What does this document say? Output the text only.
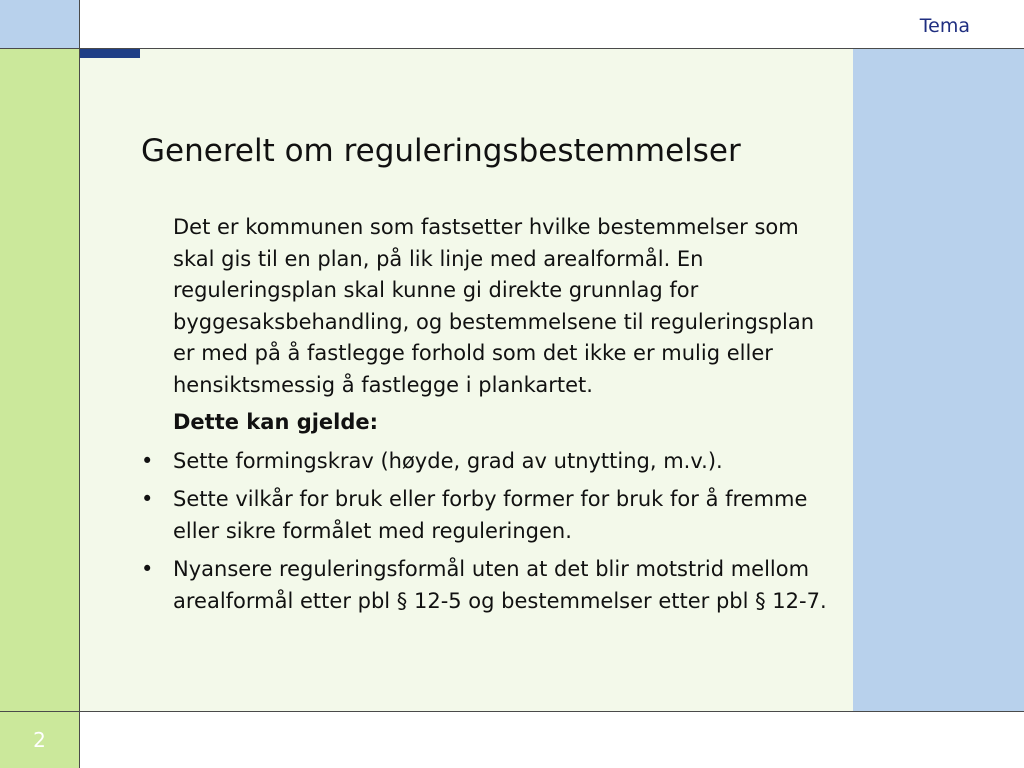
Tema
2
Generelt om reguleringsbestemmelser

Det er kommunen som fastsetter hvilke bestemmelser som skal gis til en plan, på lik linje med arealformål. En reguleringsplan skal kunne gi direkte grunnlag for byggesaksbehandling, og bestemmelsene til reguleringsplan er med på å fastlegge forhold som det ikke er mulig eller hensiktsmessig å fastlegge i plankartet.

Dette kan gjelde:

• Sette formingskrav (høyde, grad av utnytting, m.v.).
• Sette vilkår for bruk eller forby former for bruk for å fremme eller sikre formålet med reguleringen.
• Nyansere reguleringsformål uten at det blir motstrid mellom arealformål etter pbl § 12-5 og bestemmelser etter pbl § 12-7.
